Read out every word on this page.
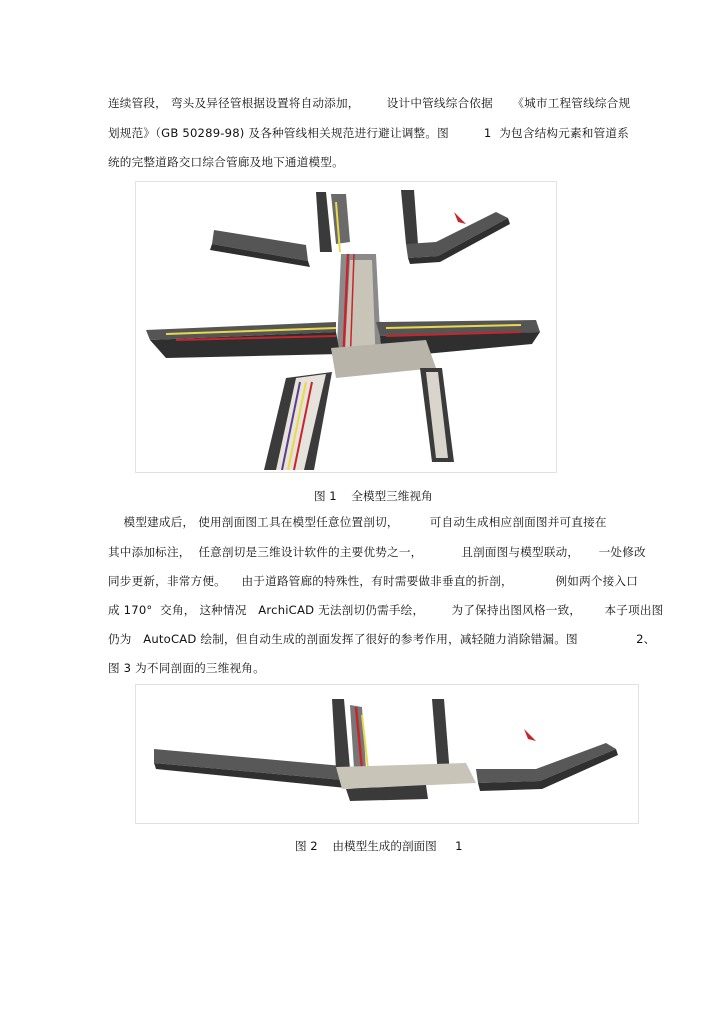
连续管段， 弯头及异径管根据设置将自动添加，       设计中管线综合依据     《城市工程管线综合规
划规范》（GB 50289-98) 及各种管线相关规范进行避让调整。图         1  为包含结构元素和管道系
统的完整道路交口综合管廊及地下通道模型。
图 1    全模型三维视角
模型建成后， 使用剖面图工具在模型任意位置剖切，        可自动生成相应剖面图并可直接在
其中添加标注，  任意剖切是三维设计软件的主要优势之一，          且剖面图与模型联动，     一处修改
同步更新，非常方便。    由于道路管廊的特殊性，有时需要做非垂直的折剖，           例如两个接入口
成 170°  交角， 这种情况   ArchiCAD 无法剖切仍需手绘，       为了保持出图风格一致，      本子项出图
仍为   AutoCAD 绘制，但自动生成的剖面发挥了很好的参考作用，减轻随力消除错漏。图               2、
图 3 为不同剖面的三维视角。
图 2    由模型生成的剖面图     1
